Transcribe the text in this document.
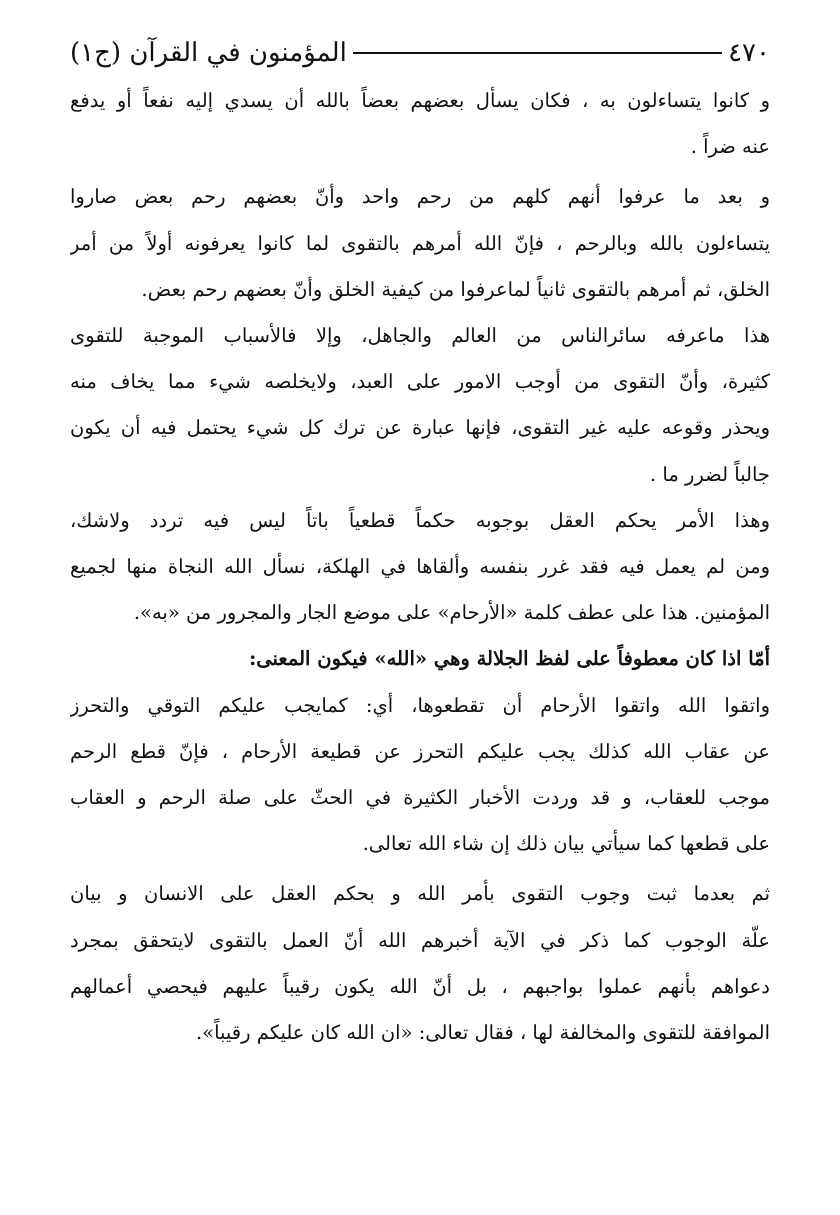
٤٧٠
المؤمنون في القرآن (ج١)

و كانوا يتساءلون به ، فكان يسأل بعضهم بعضاً بالله أن يسدي إليه نفعاً أو يدفع
عنه ضراً .

و بعد ما عرفوا أنهم كلهم من رحم واحد وأنّ بعضهم رحم بعض صاروا
يتساءلون بالله وبالرحم ، فإنّ الله أمرهم بالتقوى لما كانوا يعرفونه أولاً من أمر
الخلق، ثم أمرهم بالتقوى ثانياً لماعرفوا من كيفية الخلق وأنّ بعضهم رحم بعض.

هذا ماعرفه سائرالناس من العالم والجاهل، وإلا فالأسباب الموجبة للتقوى
كثيرة، وأنّ التقوى من أوجب الامور على العبد، ولايخلصه شيء مما يخاف منه
ويحذر وقوعه عليه غير التقوى، فإنها عبارة عن ترك كل شيء يحتمل فيه أن يكون
جالباً لضرر ما .

وهذا الأمر يحكم العقل بوجوبه حكماً قطعياً باتاً ليس فيه تردد ولاشك،
ومن لم يعمل فيه فقد غرر بنفسه وألقاها في الهلكة، نسأل الله النجاة منها لجميع
المؤمنين. هذا على عطف كلمة «الأرحام» على موضع الجار والمجرور من «به».

أمّا اذا كان معطوفاً على لفظ الجلالة وهي «الله» فيكون المعنى:

واتقوا الله واتقوا الأرحام أن تقطعوها، أي: كمايجب عليكم التوقي والتحرز
عن عقاب الله كذلك يجب عليكم التحرز عن قطيعة الأرحام ، فإنّ قطع الرحم
موجب للعقاب، و قد وردت الأخبار الكثيرة في الحثّ على صلة الرحم و العقاب
على قطعها كما سيأتي بيان ذلك إن شاء الله تعالى.

ثم بعدما ثبت وجوب التقوى بأمر الله و بحكم العقل على الانسان و بيان
علّة الوجوب كما ذكر في الآية أخبرهم الله أنّ العمل بالتقوى لايتحقق بمجرد
دعواهم بأنهم عملوا بواجبهم ، بل أنّ الله يكون رقيباً عليهم فيحصي أعمالهم
الموافقة للتقوى والمخالفة لها ، فقال تعالى: «ان الله كان عليكم رقيباً».
